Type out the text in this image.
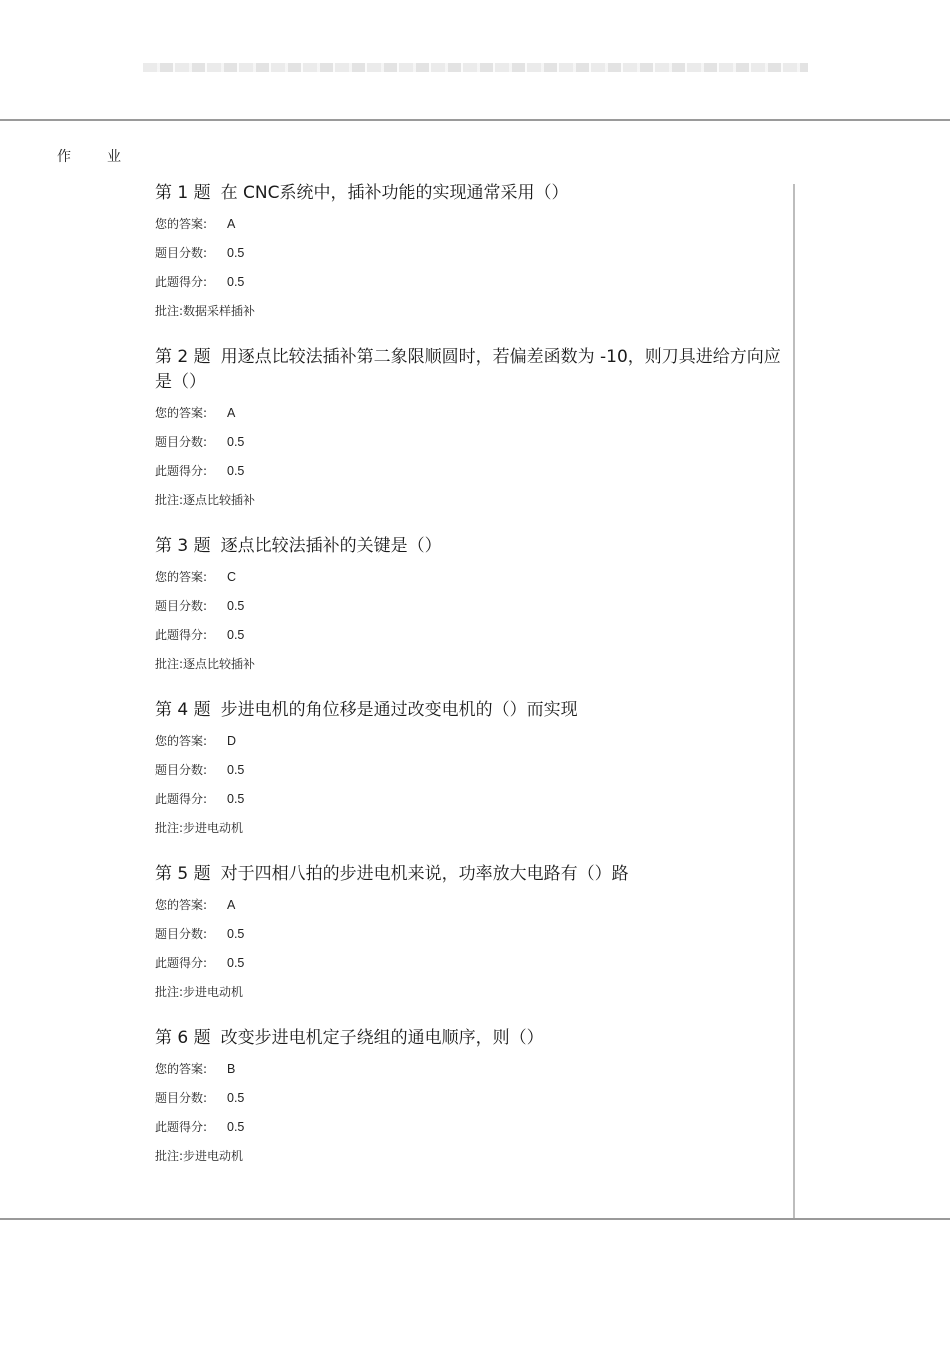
作	业
第 1 题 在 CNC系统中，插补功能的实现通常采用（）
您的答案: A
题目分数: 0.5
此题得分: 0.5
批注:数据采样插补
第 2 题 用逐点比较法插补第二象限顺圆时，若偏差函数为 -10，则刀具进给方向应是（）
您的答案: A
题目分数: 0.5
此题得分: 0.5
批注:逐点比较插补
第 3 题 逐点比较法插补的关键是（）
您的答案: C
题目分数: 0.5
此题得分: 0.5
批注:逐点比较插补
第 4 题 步进电机的角位移是通过改变电机的（）而实现
您的答案: D
题目分数: 0.5
此题得分: 0.5
批注:步进电动机
第 5 题 对于四相八拍的步进电机来说，功率放大电路有（）路
您的答案: A
题目分数: 0.5
此题得分: 0.5
批注:步进电动机
第 6 题 改变步进电机定子绕组的通电顺序，则（）
您的答案: B
题目分数: 0.5
此题得分: 0.5
批注:步进电动机
